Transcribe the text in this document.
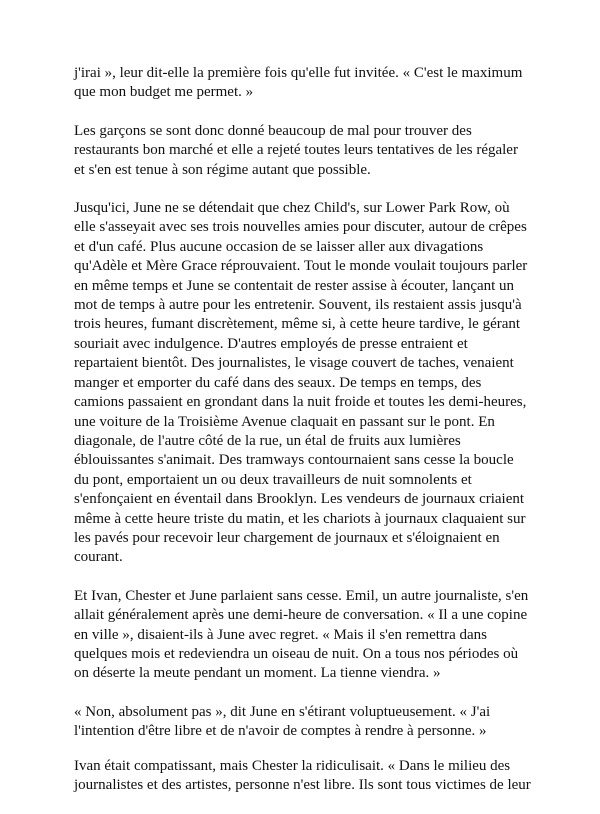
j'irai », leur dit-elle la première fois qu'elle fut invitée. « C'est le maximum
que mon budget me permet. »

Les garçons se sont donc donné beaucoup de mal pour trouver des
restaurants bon marché et elle a rejeté toutes leurs tentatives de les régaler
et s'en est tenue à son régime autant que possible.

Jusqu'ici, June ne se détendait que chez Child's, sur Lower Park Row, où
elle s'asseyait avec ses trois nouvelles amies pour discuter, autour de crêpes
et d'un café. Plus aucune occasion de se laisser aller aux divagations
qu'Adèle et Mère Grace réprouvaient. Tout le monde voulait toujours parler
en même temps et June se contentait de rester assise à écouter, lançant un
mot de temps à autre pour les entretenir. Souvent, ils restaient assis jusqu'à
trois heures, fumant discrètement, même si, à cette heure tardive, le gérant
souriait avec indulgence. D'autres employés de presse entraient et
repartaient bientôt. Des journalistes, le visage couvert de taches, venaient
manger et emporter du café dans des seaux. De temps en temps, des
camions passaient en grondant dans la nuit froide et toutes les demi-heures,
une voiture de la Troisième Avenue claquait en passant sur le pont. En
diagonale, de l'autre côté de la rue, un étal de fruits aux lumières
éblouissantes s'animait. Des tramways contournaient sans cesse la boucle
du pont, emportaient un ou deux travailleurs de nuit somnolents et
s'enfonçaient en éventail dans Brooklyn. Les vendeurs de journaux criaient
même à cette heure triste du matin, et les chariots à journaux claquaient sur
les pavés pour recevoir leur chargement de journaux et s'éloignaient en
courant.

Et Ivan, Chester et June parlaient sans cesse. Emil, un autre journaliste, s'en
allait généralement après une demi-heure de conversation. « Il a une copine
en ville », disaient-ils à June avec regret. « Mais il s'en remettra dans
quelques mois et redeviendra un oiseau de nuit. On a tous nos périodes où
on déserte la meute pendant un moment. La tienne viendra. »

« Non, absolument pas », dit June en s'étirant voluptueusement. « J'ai
l'intention d'être libre et de n'avoir de comptes à rendre à personne. »

Ivan était compatissant, mais Chester la ridiculisait. « Dans le milieu des
journalistes et des artistes, personne n'est libre. Ils sont tous victimes de leur
